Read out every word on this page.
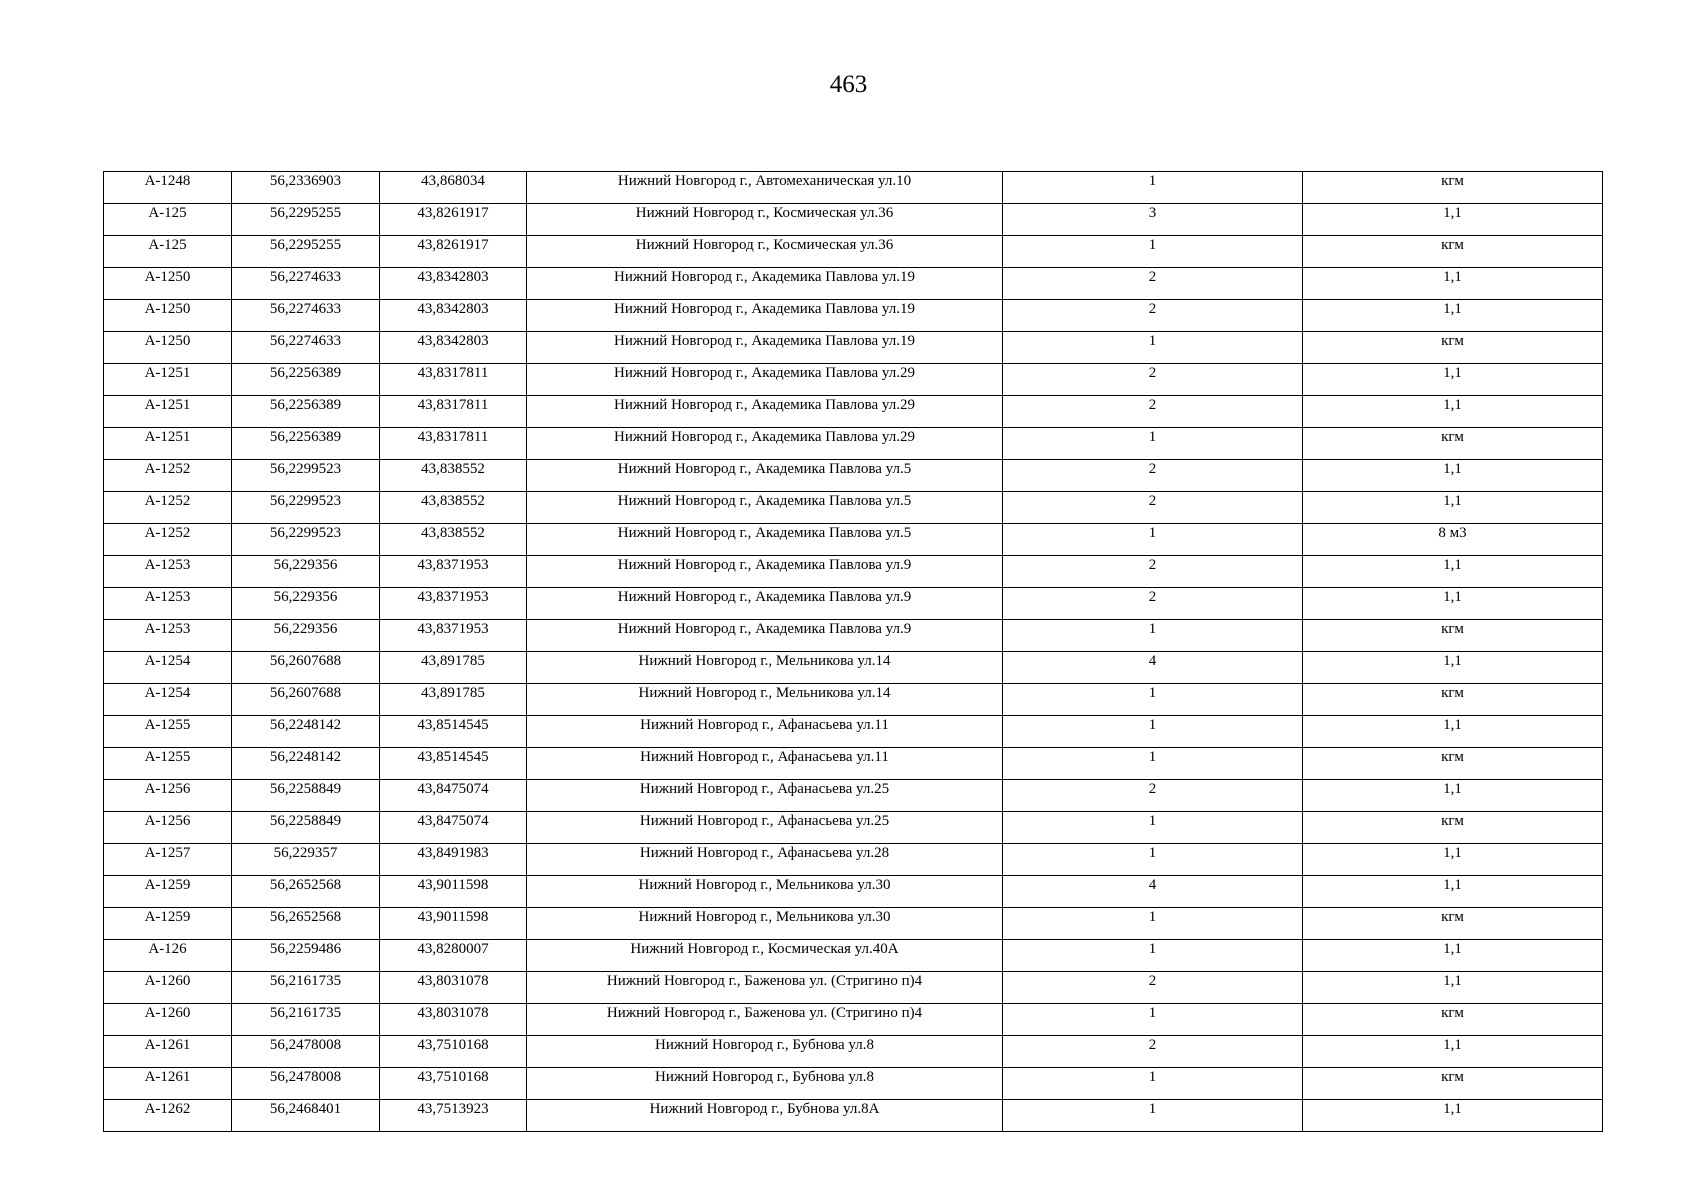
463
А-1248	56,2336903	43,868034	Нижний Новгород г., Автомеханическая ул.10	1	кгм
А-125	56,2295255	43,8261917	Нижний Новгород г., Космическая ул.36	3	1,1
А-125	56,2295255	43,8261917	Нижний Новгород г., Космическая ул.36	1	кгм
А-1250	56,2274633	43,8342803	Нижний Новгород г., Академика Павлова ул.19	2	1,1
А-1250	56,2274633	43,8342803	Нижний Новгород г., Академика Павлова ул.19	2	1,1
А-1250	56,2274633	43,8342803	Нижний Новгород г., Академика Павлова ул.19	1	кгм
А-1251	56,2256389	43,8317811	Нижний Новгород г., Академика Павлова ул.29	2	1,1
А-1251	56,2256389	43,8317811	Нижний Новгород г., Академика Павлова ул.29	2	1,1
А-1251	56,2256389	43,8317811	Нижний Новгород г., Академика Павлова ул.29	1	кгм
А-1252	56,2299523	43,838552	Нижний Новгород г., Академика Павлова ул.5	2	1,1
А-1252	56,2299523	43,838552	Нижний Новгород г., Академика Павлова ул.5	2	1,1
А-1252	56,2299523	43,838552	Нижний Новгород г., Академика Павлова ул.5	1	8 м3
А-1253	56,229356	43,8371953	Нижний Новгород г., Академика Павлова ул.9	2	1,1
А-1253	56,229356	43,8371953	Нижний Новгород г., Академика Павлова ул.9	2	1,1
А-1253	56,229356	43,8371953	Нижний Новгород г., Академика Павлова ул.9	1	кгм
А-1254	56,2607688	43,891785	Нижний Новгород г., Мельникова ул.14	4	1,1
А-1254	56,2607688	43,891785	Нижний Новгород г., Мельникова ул.14	1	кгм
А-1255	56,2248142	43,8514545	Нижний Новгород г., Афанасьева ул.11	1	1,1
А-1255	56,2248142	43,8514545	Нижний Новгород г., Афанасьева ул.11	1	кгм
А-1256	56,2258849	43,8475074	Нижний Новгород г., Афанасьева ул.25	2	1,1
А-1256	56,2258849	43,8475074	Нижний Новгород г., Афанасьева ул.25	1	кгм
А-1257	56,229357	43,8491983	Нижний Новгород г., Афанасьева ул.28	1	1,1
А-1259	56,2652568	43,9011598	Нижний Новгород г., Мельникова ул.30	4	1,1
А-1259	56,2652568	43,9011598	Нижний Новгород г., Мельникова ул.30	1	кгм
А-126	56,2259486	43,8280007	Нижний Новгород г., Космическая ул.40А	1	1,1
А-1260	56,2161735	43,8031078	Нижний Новгород г., Баженова ул. (Стригино п)4	2	1,1
А-1260	56,2161735	43,8031078	Нижний Новгород г., Баженова ул. (Стригино п)4	1	кгм
А-1261	56,2478008	43,7510168	Нижний Новгород г., Бубнова ул.8	2	1,1
А-1261	56,2478008	43,7510168	Нижний Новгород г., Бубнова ул.8	1	кгм
А-1262	56,2468401	43,7513923	Нижний Новгород г., Бубнова ул.8А	1	1,1
